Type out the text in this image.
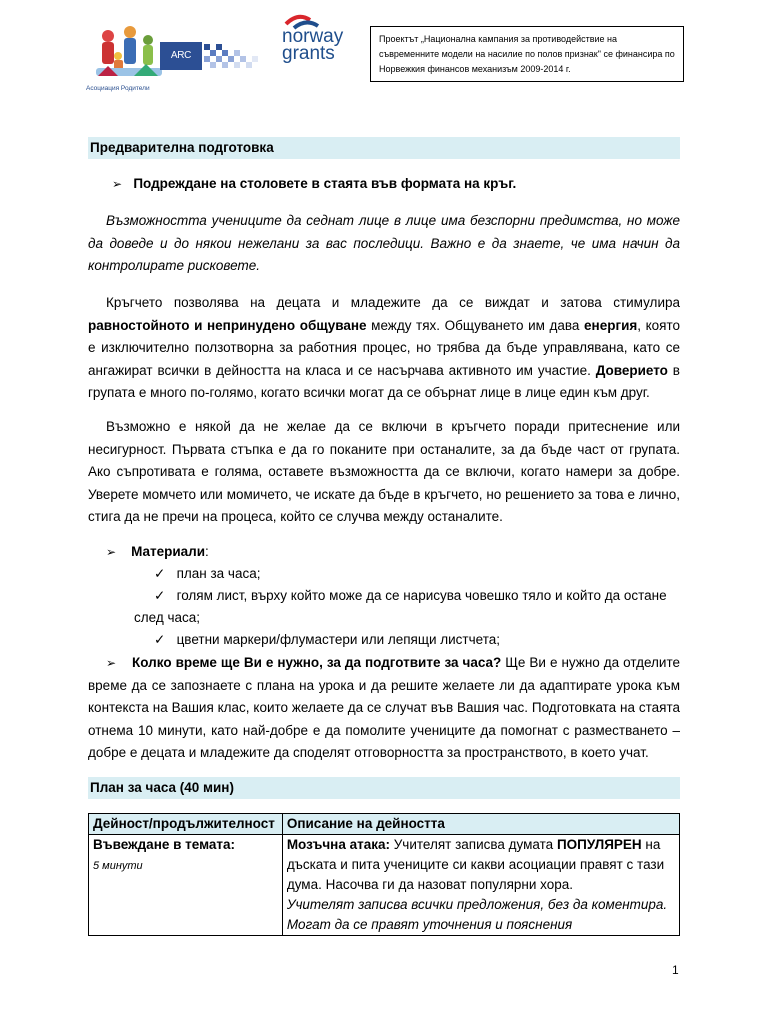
Асоциация Родители
ARC FUND
norway
grants
Проектът „Национална кампания за противодействие на съвременните модели на насилие по полов признак" се финансира по Норвежкия финансов механизъм 2009-2014 г.
Предварителна подготовка
➢ Подреждане на столовете в стаята във формата на кръг.
Възможността учениците да седнат лице в лице има безспорни предимства, но може да доведе и до някои нежелани за вас последици. Важно е да знаете, че има начин да контролирате рисковете.
Кръгчето позволява на децата и младежите да се виждат и затова стимулира равностойното и непринудено общуване между тях. Общуването им дава енергия, която е изключително ползотворна за работния процес, но трябва да бъде управлявана, като се ангажират всички в дейността на класа и се насърчава активното им участие. Доверието в групата е много по-голямо, когато всички могат да се обърнат лице в лице един към друг.
Възможно е някой да не желае да се включи в кръгчето поради притеснение или несигурност. Първата стъпка е да го поканите при останалите, за да бъде част от групата. Ако съпротивата е голяма, оставете възможността да се включи, когато намери за добре. Уверете момчето или момичето, че искате да бъде в кръгчето, но решението за това е лично, стига да не пречи на процеса, който се случва между останалите.
➢ Материали:
✓ план за часа;
✓ голям лист, върху който може да се нарисува човешко тяло и който да остане
след часа;
✓ цветни маркери/флумастери или лепящи листчета;
➢ Колко време ще Ви е нужно, за да подготвите за часа? Ще Ви е нужно да отделите време да се запознаете с плана на урока и да решите желаете ли да адаптирате урока към контекста на Вашия клас, които желаете да се случат във Вашия час. Подготовката на стаята отнема 10 минути, като най-добре е да помолите учениците да помогнат с разместването – добре е децата и младежите да споделят отговорността за пространството, в което учат.
План за часа (40 мин)
Дейност/продължителност	Описание на дейността
Въвеждане в темата:
5 минути	Мозъчна атака: Учителят записва думата ПОПУЛЯРЕН на дъската и пита учениците си какви асоциации правят с тази дума. Насочва ги да назоват популярни хора.
Учителят записва всички предложения, без да коментира. Могат да се правят уточнения и пояснения
1
